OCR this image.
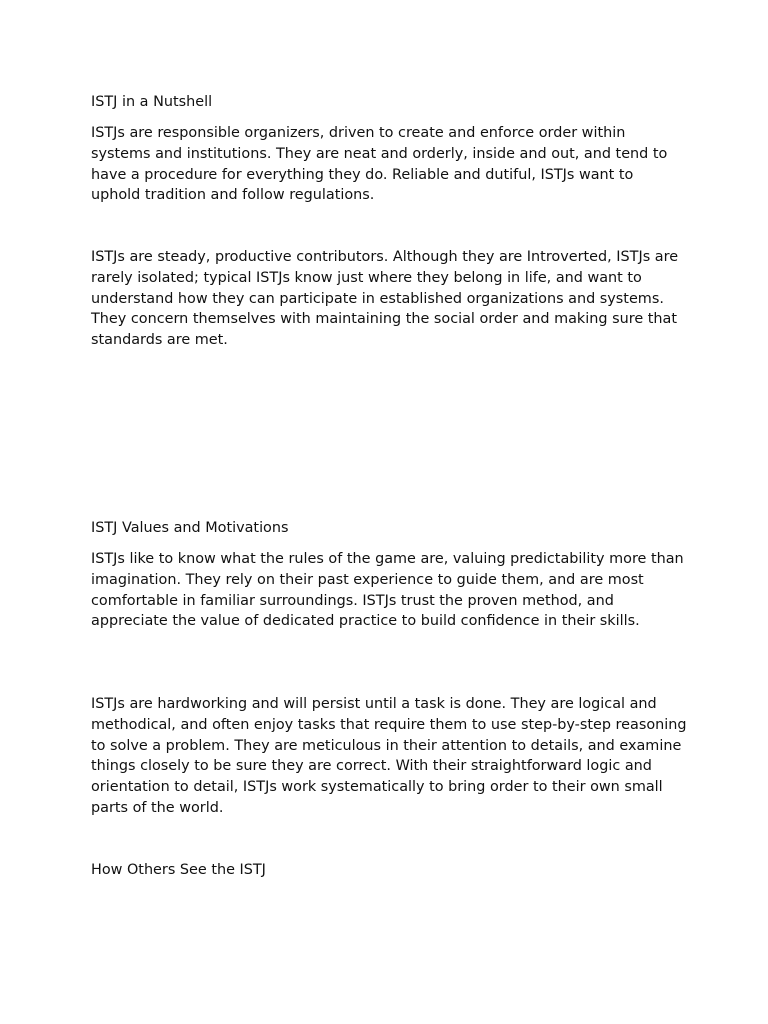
ISTJ in a Nutshell

ISTJs are responsible organizers, driven to create and enforce order within systems and institutions. They are neat and orderly, inside and out, and tend to have a procedure for everything they do. Reliable and dutiful, ISTJs want to uphold tradition and follow regulations.

ISTJs are steady, productive contributors. Although they are Introverted, ISTJs are rarely isolated; typical ISTJs know just where they belong in life, and want to understand how they can participate in established organizations and systems. They concern themselves with maintaining the social order and making sure that standards are met.

ISTJ Values and Motivations

ISTJs like to know what the rules of the game are, valuing predictability more than imagination. They rely on their past experience to guide them, and are most comfortable in familiar surroundings. ISTJs trust the proven method, and appreciate the value of dedicated practice to build confidence in their skills.

ISTJs are hardworking and will persist until a task is done. They are logical and methodical, and often enjoy tasks that require them to use step-by-step reasoning to solve a problem. They are meticulous in their attention to details, and examine things closely to be sure they are correct. With their straightforward logic and orientation to detail, ISTJs work systematically to bring order to their own small parts of the world.

How Others See the ISTJ
